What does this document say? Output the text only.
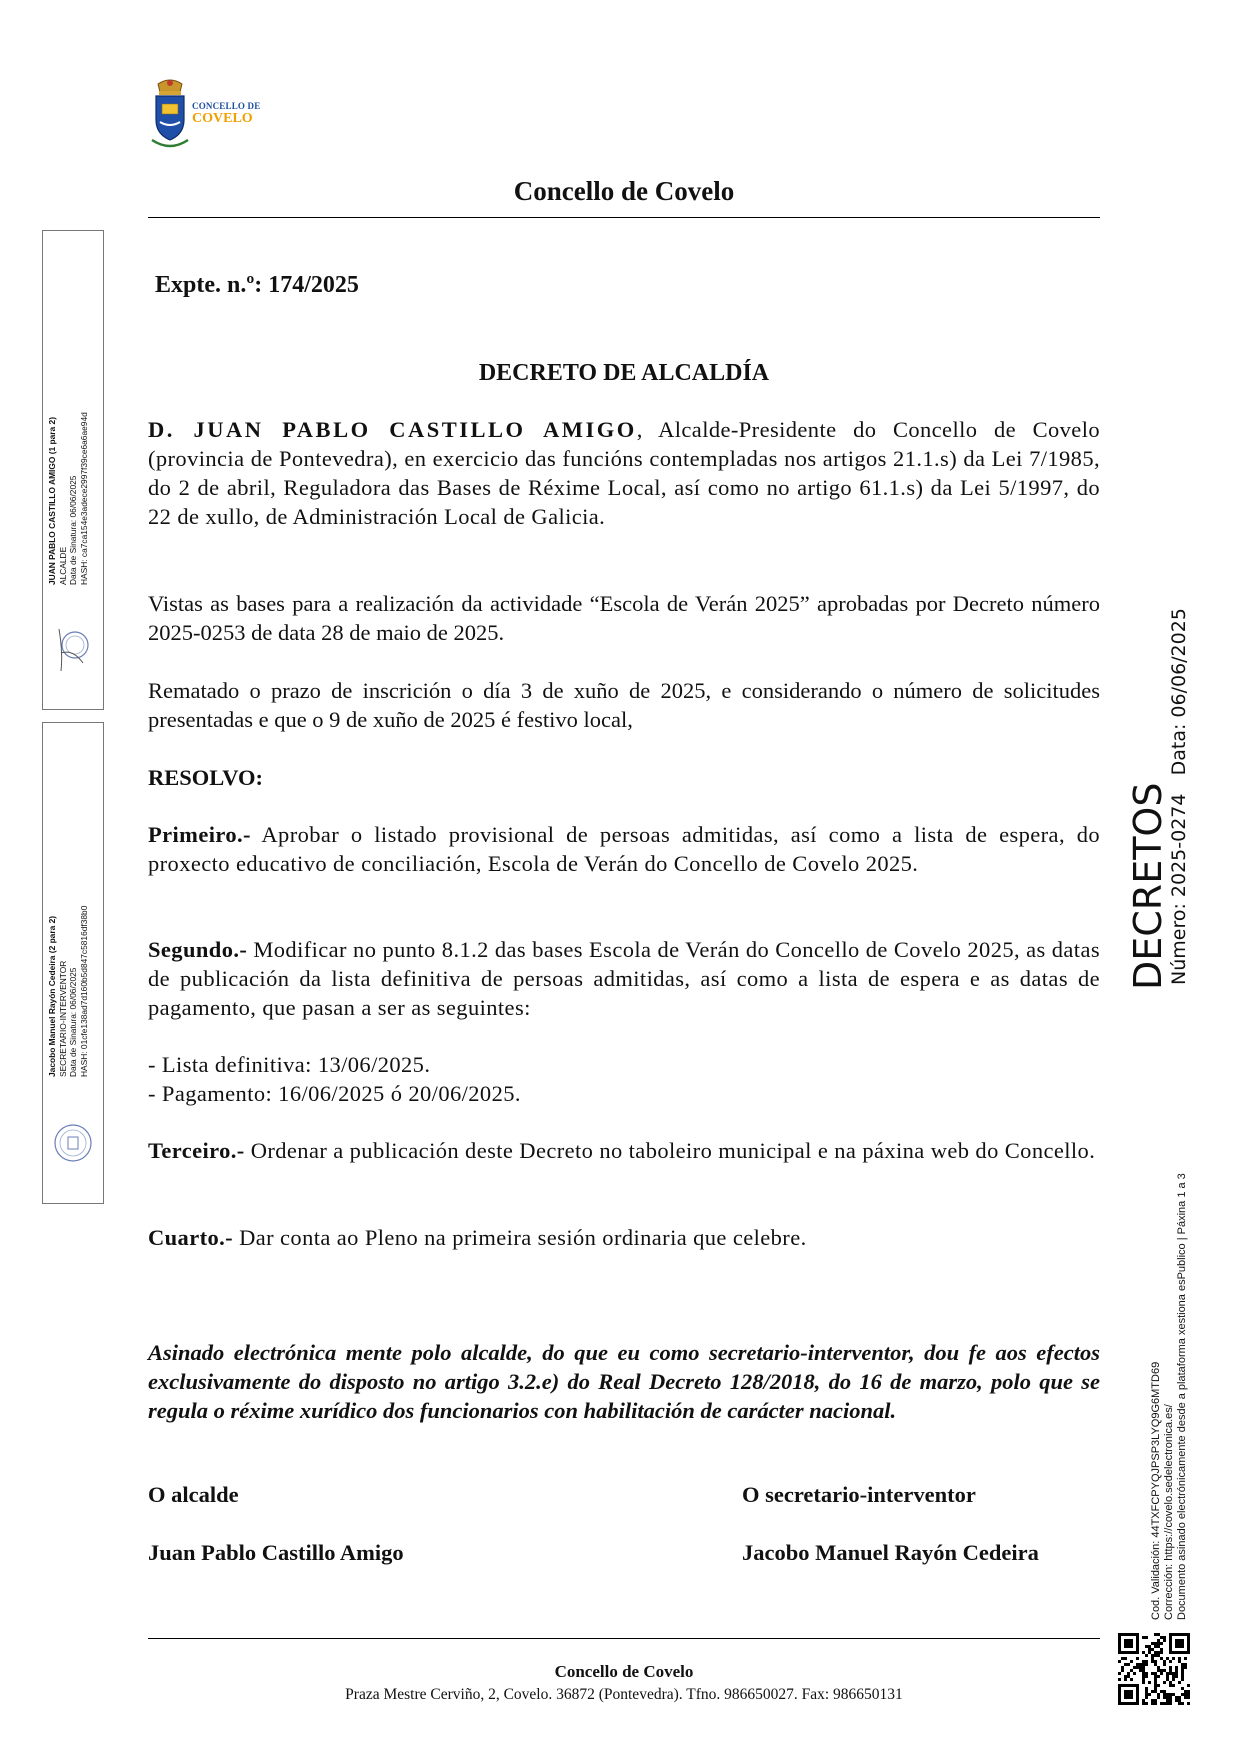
CONCELLO DE
COVELO
Concello de Covelo
Expte. n.º: 174/2025
DECRETO DE ALCALDÍA
D. JUAN PABLO CASTILLO AMIGO, Alcalde-Presidente do Concello de Covelo (provincia de Pontevedra), en exercicio das funcións contempladas nos artigos 21.1.s) da Lei 7/1985, do 2 de abril, Reguladora das Bases de Réxime Local, así como no artigo 61.1.s) da Lei 5/1997, do 22 de xullo, de Administración Local de Galicia.
Vistas as bases para a realización da actividade “Escola de Verán 2025” aprobadas por Decreto número 2025-0253 de data 28 de maio de 2025.
Rematado o prazo de inscrición o día 3 de xuño de 2025, e considerando o número de solicitudes presentadas e que o 9 de xuño de 2025 é festivo local,
RESOLVO:
Primeiro.- Aprobar o listado provisional de persoas admitidas, así como a lista de espera, do proxecto educativo de conciliación, Escola de Verán do Concello de Covelo 2025.
Segundo.- Modificar no punto 8.1.2 das bases Escola de Verán do Concello de Covelo 2025, as datas de publicación da lista definitiva de persoas admitidas, así como a lista de espera e as datas de pagamento, que pasan a ser as seguintes:
- Lista definitiva: 13/06/2025.
- Pagamento: 16/06/2025 ó 20/06/2025.
Terceiro.- Ordenar a publicación deste Decreto no taboleiro municipal e na páxina web do Concello.
Cuarto.- Dar conta ao Pleno na primeira sesión ordinaria que celebre.
Asinado electrónica mente polo alcalde, do que eu como secretario-interventor, dou fe aos efectos exclusivamente do disposto no artigo 3.2.e) do Real Decreto 128/2018, do 16 de marzo, polo que se regula o réxime xurídico dos funcionarios con habilitación de carácter nacional.
O alcalde	O secretario-interventor
Juan Pablo Castillo Amigo	Jacobo Manuel Rayón Cedeira
Concello de Covelo
Praza Mestre Cerviño, 2, Covelo. 36872 (Pontevedra). Tfno. 986650027. Fax: 986650131
JUAN PABLO CASTILLO AMIGO (1 para 2) ALCALDE Data de Sinatura: 06/06/2025 HASH: ca7ca154e3adece2997f39ce6a6ae94d
Jacobo Manuel Rayón Cedeira (2 para 2) SECRETARIO-INTERVENTOR Data de Sinatura: 06/06/2025 HASH: 01cfe138ad7d160b5d847c5816df38b0
DECRETOS
Número: 2025-0274   Data: 06/06/2025
Cod. Validación: 44TXFCPYQJPSP3LYQ9G6MTD69 Corrección: https://covelo.sedelectronica.es/ Documento asinado electrónicamente desde a plataforma xestiona esPublico | Páxina 1 a 3
